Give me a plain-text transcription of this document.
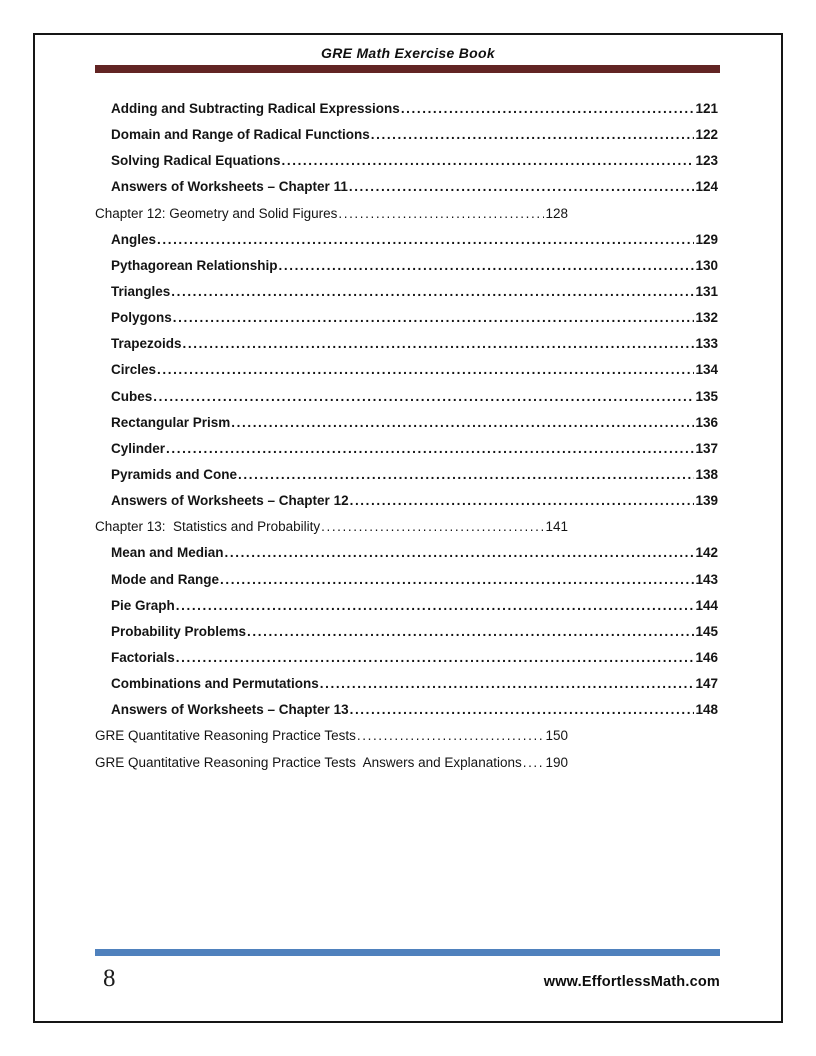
GRE Math Exercise Book
Adding and Subtracting Radical Expressions .....	121
Domain and Range of Radical Functions .....	122
Solving Radical Equations .....	123
Answers of Worksheets – Chapter 11 .....	124
Chapter 12: Geometry and Solid Figures .....	128
Angles .....	129
Pythagorean Relationship .....	130
Triangles .....	131
Polygons .....	132
Trapezoids .....	133
Circles .....	134
Cubes .....	135
Rectangular Prism .....	136
Cylinder .....	137
Pyramids and Cone .....	138
Answers of Worksheets – Chapter 12 .....	139
Chapter 13:  Statistics and Probability .....	141
Mean and Median .....	142
Mode and Range .....	143
Pie Graph .....	144
Probability Problems .....	145
Factorials .....	146
Combinations and Permutations .....	147
Answers of Worksheets – Chapter 13 .....	148
GRE Quantitative Reasoning Practice Tests .....	150
GRE Quantitative Reasoning Practice Tests  Answers and Explanations ..... 190
8	www.EffortlessMath.com
